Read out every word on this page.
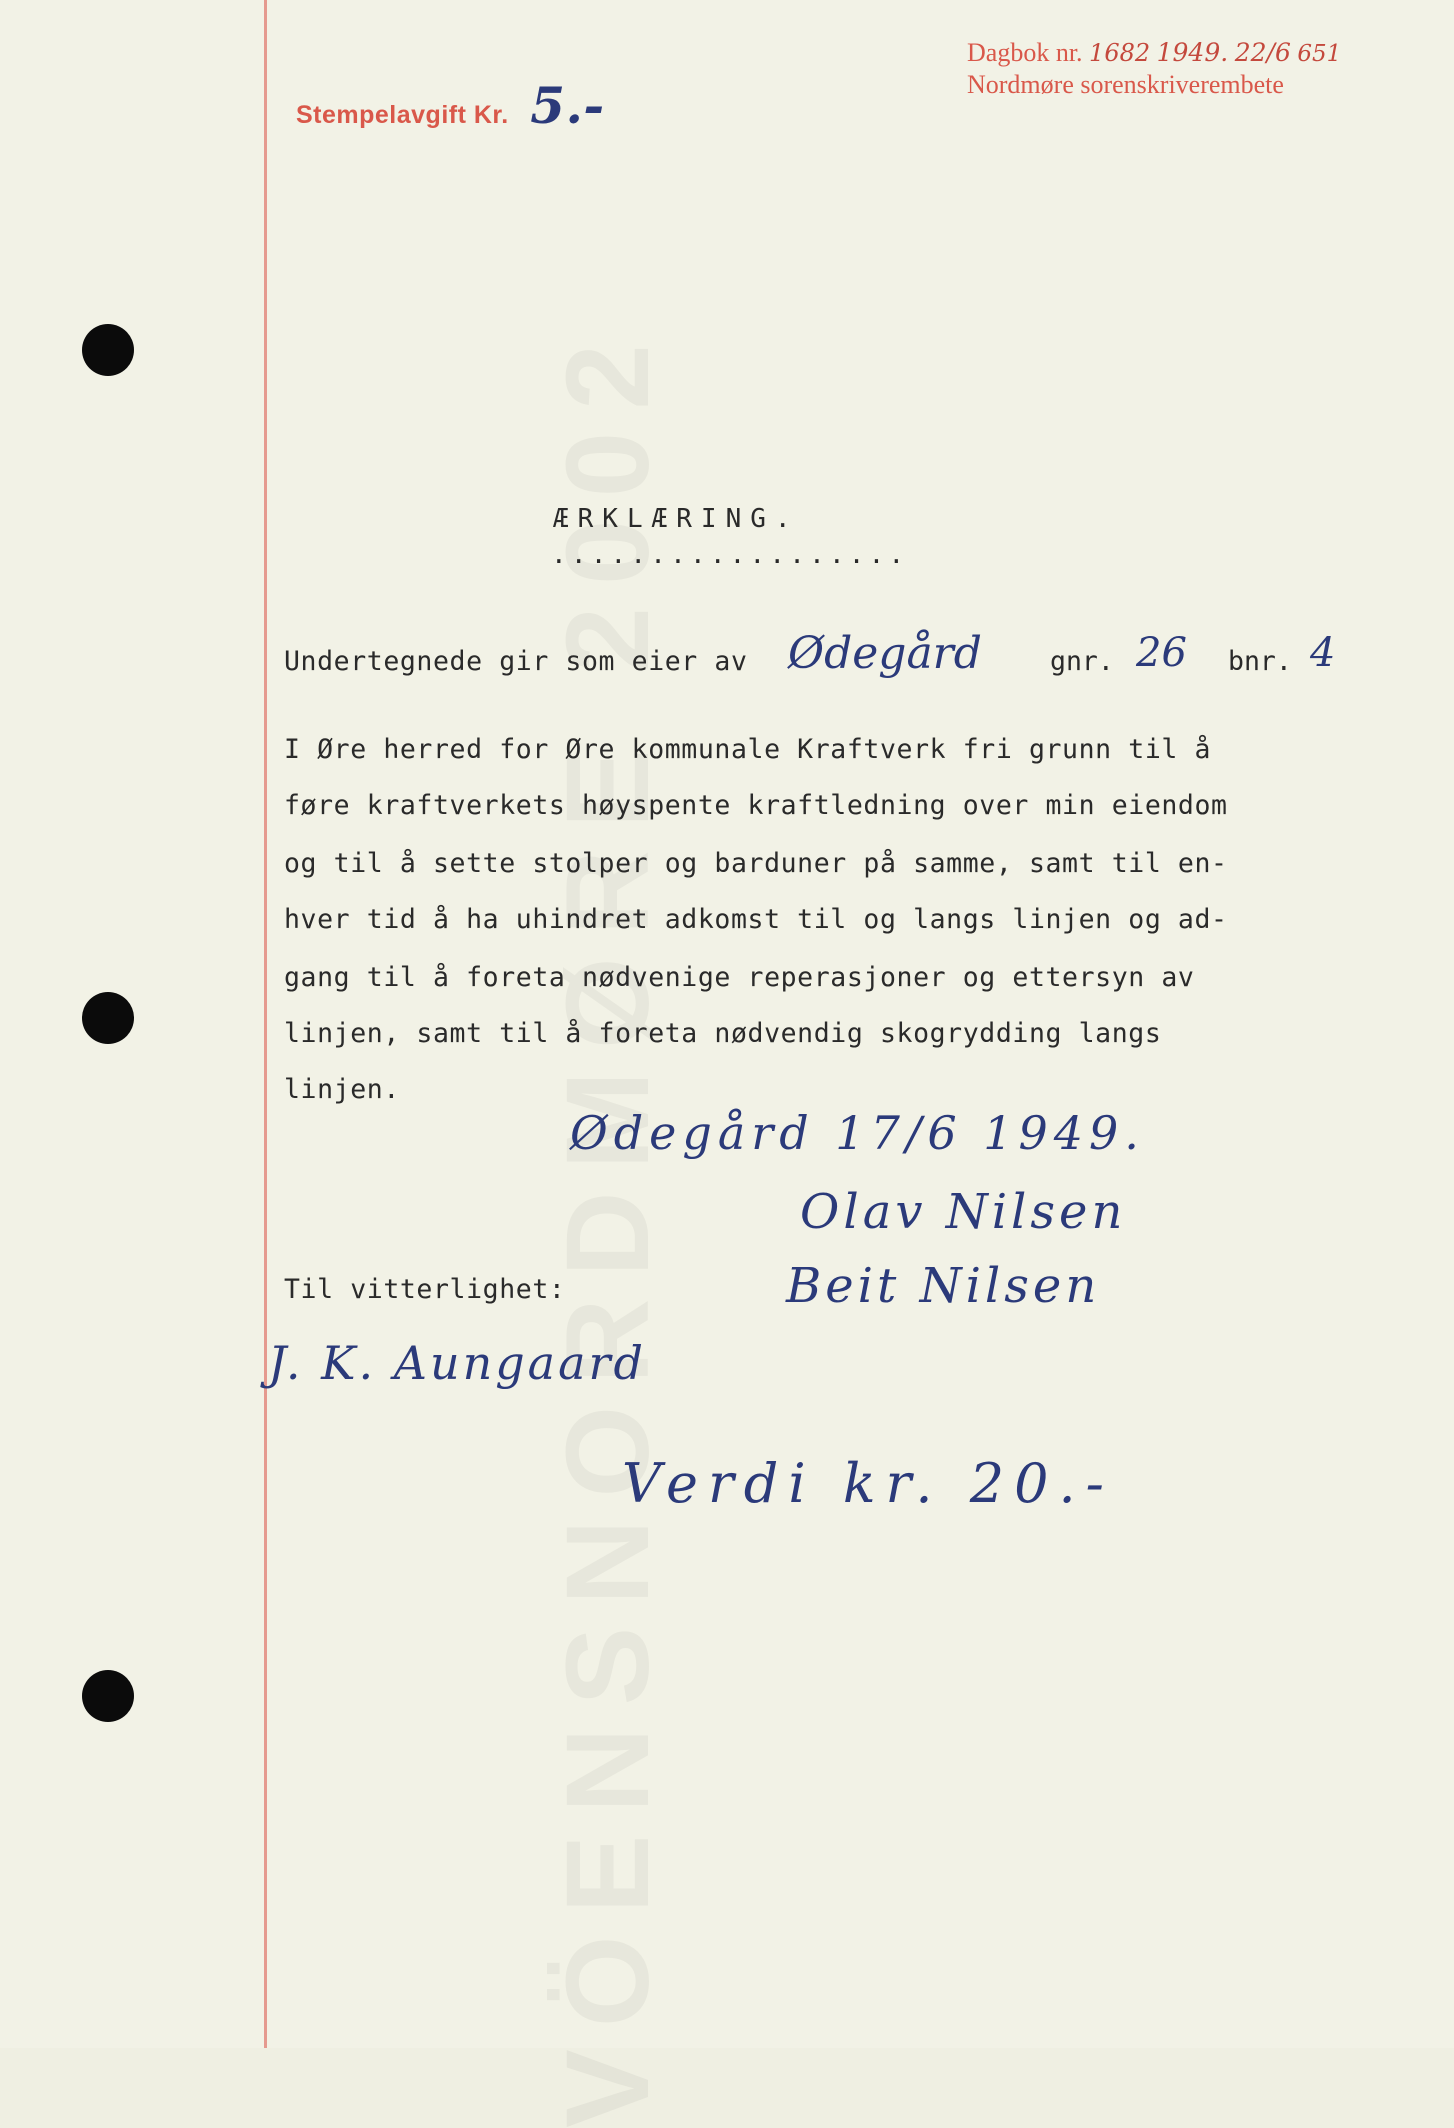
Stempelavgift Kr. 5.-
Dagbok nr. 1682 1949. 22/6 651
Nordmøre sorenskriverembete
ÆRKLÆRING.
..................
Undertegnede gir som eier av Ødegård	gnr. 26 bnr. 4
I Øre herred for Øre kommunale Kraftverk fri grunn til å
føre kraftverkets høyspente kraftledning over min eiendom
og til å sette stolper og barduner på samme, samt til en-
hver tid å ha uhindret adkomst til og langs linjen og ad-
gang til å foreta nødvenige reperasjoner og ettersyn av
linjen, samt til å foreta nødvendig skogrydding langs
linjen.
Ødegård 17/6 1949.
Olav Nilsen
Beit Nilsen
Til vitterlighet:
J. K. Aungaard
Verdi kr. 20.-
